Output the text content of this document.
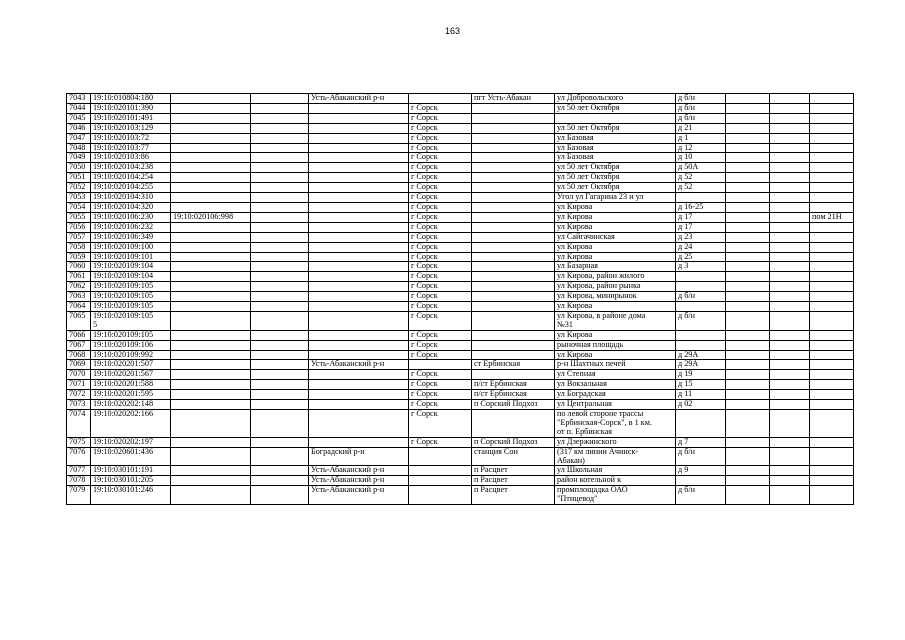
163
7043	19:10:010804:180			Усть-Абаканский р-н		пгт Усть-Абакан	ул Добровольского	д б/н			
7044	19:10:020101:390				г Сорск		ул 50 лет Октября	д б/н			
7045	19:10:020101:491				г Сорск			д б/н			
7046	19:10:020103:129				г Сорск		ул 50 лет Октября	д 21			
7047	19:10:020103:72				г Сорск		ул Базовая	д 1			
7048	19:10:020103:77				г Сорск		ул Базовая	д 12			
7049	19:10:020103:86				г Сорск		ул Базовая	д 10			
7050	19:10:020104:238				г Сорск		ул 50 лет Октября	д 50А			
7051	19:10:020104:254				г Сорск		ул 50 лет Октября	д 52			
7052	19:10:020104:255				г Сорск		ул 50 лет Октября	д 52			
7053	19:10:020104:310				г Сорск		Угол ул Гагарина 23 и ул				
7054	19:10:020104:320				г Сорск		ул Кирова	д 16-25			
7055	19:10:020106:230	19:10:020106:998			г Сорск		ул Кирова	д 17			пом 21Н
7056	19:10:020106:232				г Сорск		ул Кирова	д 17			
7057	19:10:020106:349				г Сорск		ул Сайгачинская	д 23			
7058	19:10:020109:100				г Сорск		ул Кирова	д 24			
7059	19:10:020109:101				г Сорск		ул Кирова	д 25			
7060	19:10:020109:104				г Сорск		ул Базарная	д 3			
7061	19:10:020109:104				г Сорск		ул Кирова, район жилого				
7062	19:10:020109:105				г Сорск		ул Кирова, район рынка				
7063	19:10:020109:105				г Сорск		ул Кирова, минирынок	д б/н			
7064	19:10:020109:105				г Сорск		ул Кирова				
7065	19:10:020109:105
5				г Сорск		ул Кирова, в районе дома
№31	д б/н			
7066	19:10:020109:105				г Сорск		ул Кирова				
7067	19:10:020109:106				г Сорск		рыночная площадь				
7068	19:10:020109:992				г Сорск		ул Кирова	д 29А			
7069	19:10:020201:507			Усть-Абаканский р-н		ст Ербинская	р-н Шахтных печей	д 29А			
7070	19:10:020201:567				г Сорск		ул Степная	д 19			
7071	19:10:020201:588				г Сорск	п/ст Ербинская	ул Вокзальная	д 15			
7072	19:10:020201:595				г Сорск	п/ст Ербинская	ул Боградская	д 11			
7073	19:10:020202:148				г Сорск	п Сорский Подхоз	ул Центральная	д 02			
7074	19:10:020202:166				г Сорск		по левой стороне трассы
"Ербинская-Сорск", в 1 км.
от п. Ербинская				
7075	19:10:020202:197				г Сорск	п Сорский Подхоз	ул Дзержинского	д 7			
7076	19:10:020601:436			Боградский р-н		станция Сон	(317 км линии Ачинск-
Абакан)	д б/н			
7077	19:10:030101:191			Усть-Абаканский р-н		п Расцвет	ул Школьная	д 9			
7078	19:10:030101:205			Усть-Абаканский р-н		п Расцвет	район котельной к				
7079	19:10:030101:246			Усть-Абаканский р-н		п Расцвет	промплощадка ОАО
"Птицевод"	д б/н			
